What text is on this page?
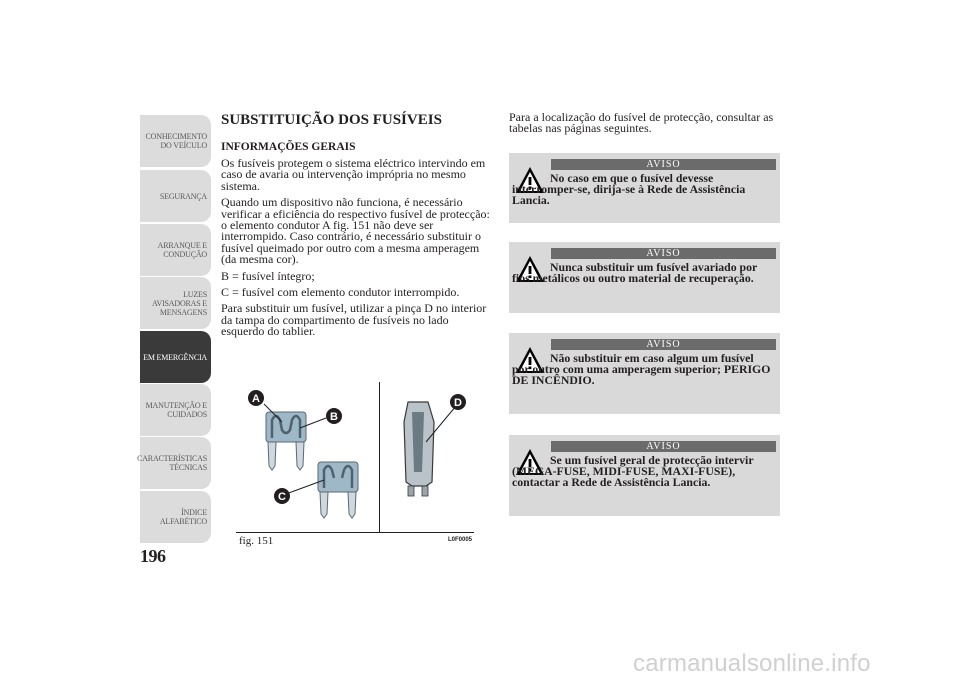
CONHECIMENTO
DO VEÍCULO
SEGURANÇA
ARRANQUE E
CONDUÇÃO
LUZES
AVISADORAS E
MENSAGENS
EM EMERGÊNCIA
MANUTENÇÃO E
CUIDADOS
CARACTERÍSTICAS
TÉCNICAS
ÍNDICE
ALFABÉTICO
196
SUBSTITUIÇÃO DOS FUSÍVEIS
INFORMAÇÕES GERAIS

Os fusíveis protegem o sistema eléctrico intervindo em caso de avaria ou intervenção imprópria no mesmo sistema.

Quando um dispositivo não funciona, é necessário verificar a eficiência do respectivo fusível de protecção: o elemento condutor A fig. 151 não deve ser interrompido. Caso contrário, é necessário substituir o fusível queimado por outro com a mesma amperagem (da mesma cor).

B = fusível íntegro;

C = fusível com elemento condutor interrompido.

Para substituir um fusível, utilizar a pinça D no interior da tampa do compartimento de fusíveis no lado esquerdo do tablier.

A
B
C
D
fig. 151	L0F0005

Para a localização do fusível de protecção, consultar as tabelas nas páginas seguintes.

AVISO
No caso em que o fusível devesse interromper-se, dirija-se à Rede de Assistência Lancia.
AVISO
Nunca substituir um fusível avariado por fios metálicos ou outro material de recuperação.
AVISO
Não substituir em caso algum um fusível por outro com uma amperagem superior; PERIGO DE INCÊNDIO.
AVISO
Se um fusível geral de protecção intervir (MEGA-FUSE, MIDI-FUSE, MAXI-FUSE), contactar a Rede de Assistência Lancia.
carmanualsonline.info
